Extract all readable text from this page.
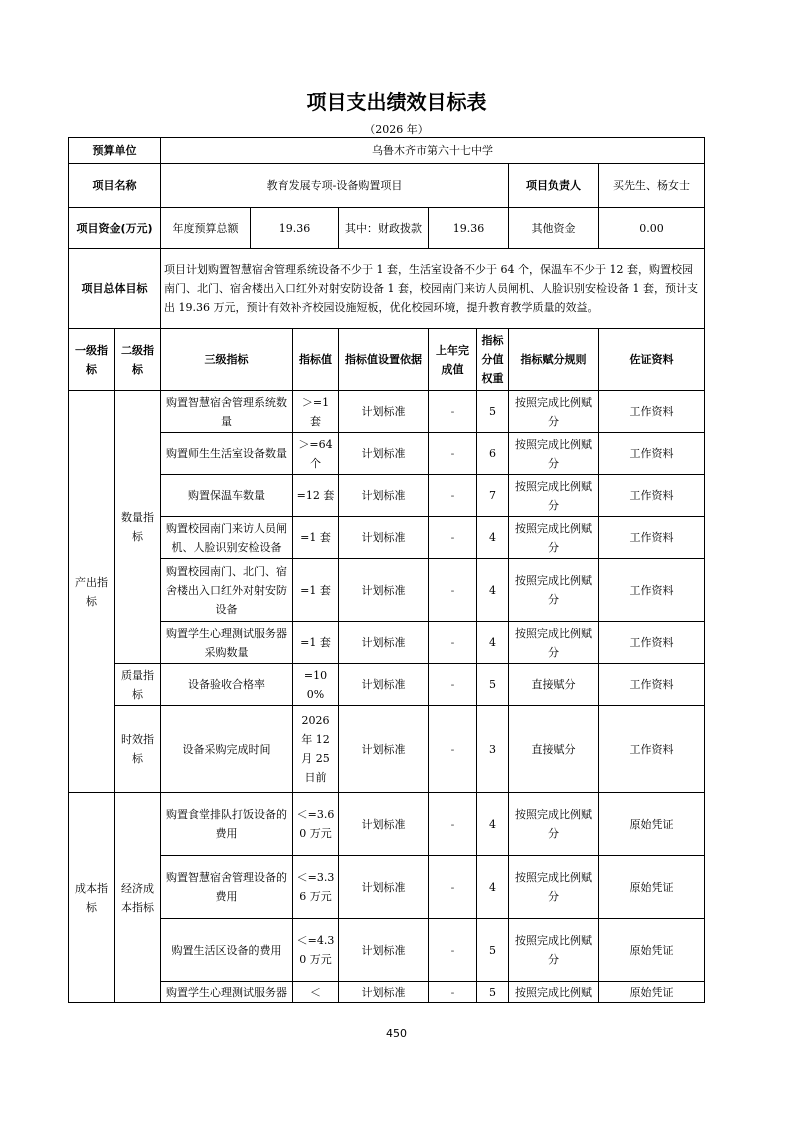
项目支出绩效目标表
（2026 年）
预算单位		乌鲁木齐市第六十七中学							
项目名称		教育发展专项-设备购置项目						项目负责人	买先生、杨女士
项目资金(万元)		年度预算总额	19.36		其中：财政拨款	19.36		其他资金	0.00
项目总体目标		项目计划购置智慧宿舍管理系统设备不少于 1 套，生活室设备不少于 64 个，保温车不少于 12 套，购置校园南门、北门、宿舍楼出入口红外对射安防设备 1 套，校园南门来访人员闸机、人脸识别安检设备 1 套，预计支出 19.36 万元，预计有效补齐校园设施短板，优化校园环境，提升教育教学质量的效益。							
一级指标	二级指标	三级指标		指标值	指标值设置依据	上年完成值	指标分值权重	指标赋分规则	佐证资料
产出指标	数量指标	购置智慧宿舍管理系统数量		＞=1 套	计划标准	-	5	按照完成比例赋分	工作资料
		购置师生生活室设备数量		＞=64 个	计划标准	-	6	按照完成比例赋分	工作资料
		购置保温车数量		=12 套	计划标准	-	7	按照完成比例赋分	工作资料
		购置校园南门来访人员闸机、人脸识别安检设备		=1 套	计划标准	-	4	按照完成比例赋分	工作资料
		购置校园南门、北门、宿舍楼出入口红外对射安防设备		=1 套	计划标准	-	4	按照完成比例赋分	工作资料
		购置学生心理测试服务器采购数量		=1 套	计划标准	-	4	按照完成比例赋分	工作资料
	质量指标	设备验收合格率		=100%	计划标准	-	5	直接赋分	工作资料
	时效指标	设备采购完成时间		2026 年 12 月 25 日前	计划标准	-	3	直接赋分	工作资料
成本指标	经济成本指标	购置食堂排队打饭设备的费用		＜=3.60 万元	计划标准	-	4	按照完成比例赋分	原始凭证
		购置智慧宿舍管理设备的费用		＜=3.36 万元	计划标准	-	4	按照完成比例赋分	原始凭证
		购置生活区设备的费用		＜=4.30 万元	计划标准	-	5	按照完成比例赋分	原始凭证
		购置学生心理测试服务器		＜	计划标准	-	5	按照完成比例赋	原始凭证
450
